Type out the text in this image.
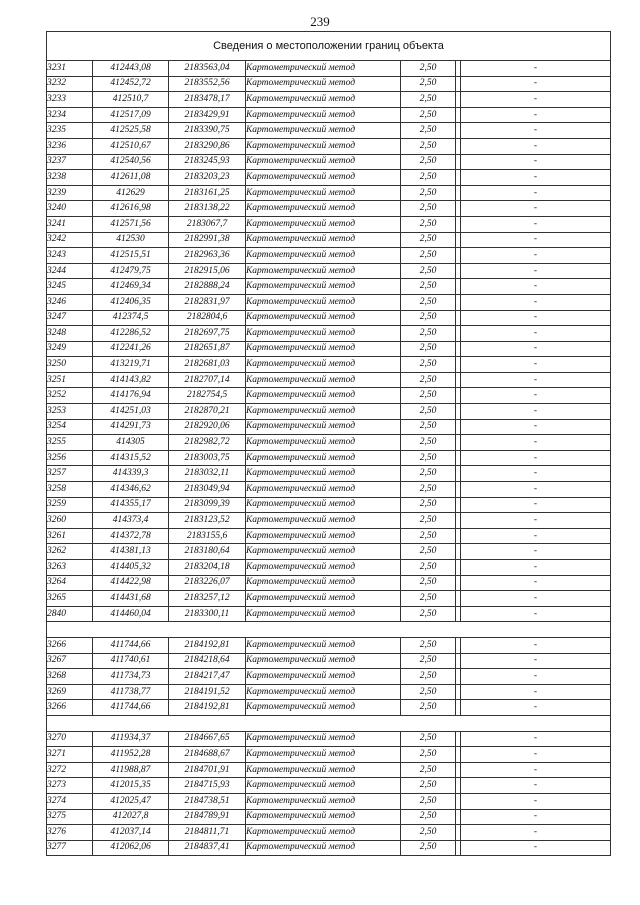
239
Сведения о местоположении границ объекта						
3231	412443,08	2183563,04	Картометрический метод	2,50		-
3232	412452,72	2183552,56	Картометрический метод	2,50		-
3233	412510,7	2183478,17	Картометрический метод	2,50		-
3234	412517,09	2183429,91	Картометрический метод	2,50		-
3235	412525,58	2183390,75	Картометрический метод	2,50		-
3236	412510,67	2183290,86	Картометрический метод	2,50		-
3237	412540,56	2183245,93	Картометрический метод	2,50		-
3238	412611,08	2183203,23	Картометрический метод	2,50		-
3239	412629	2183161,25	Картометрический метод	2,50		-
3240	412616,98	2183138,22	Картометрический метод	2,50		-
3241	412571,56	2183067,7	Картометрический метод	2,50		-
3242	412530	2182991,38	Картометрический метод	2,50		-
3243	412515,51	2182963,36	Картометрический метод	2,50		-
3244	412479,75	2182915,06	Картометрический метод	2,50		-
3245	412469,34	2182888,24	Картометрический метод	2,50		-
3246	412406,35	2182831,97	Картометрический метод	2,50		-
3247	412374,5	2182804,6	Картометрический метод	2,50		-
3248	412286,52	2182697,75	Картометрический метод	2,50		-
3249	412241,26	2182651,87	Картометрический метод	2,50		-
3250	413219,71	2182681,03	Картометрический метод	2,50		-
3251	414143,82	2182707,14	Картометрический метод	2,50		-
3252	414176,94	2182754,5	Картометрический метод	2,50		-
3253	414251,03	2182870,21	Картометрический метод	2,50		-
3254	414291,73	2182920,06	Картометрический метод	2,50		-
3255	414305	2182982,72	Картометрический метод	2,50		-
3256	414315,52	2183003,75	Картометрический метод	2,50		-
3257	414339,3	2183032,11	Картометрический метод	2,50		-
3258	414346,62	2183049,94	Картометрический метод	2,50		-
3259	414355,17	2183099,39	Картометрический метод	2,50		-
3260	414373,4	2183123,52	Картометрический метод	2,50		-
3261	414372,78	2183155,6	Картометрический метод	2,50		-
3262	414381,13	2183180,64	Картометрический метод	2,50		-
3263	414405,32	2183204,18	Картометрический метод	2,50		-
3264	414422,98	2183226,07	Картометрический метод	2,50		-
3265	414431,68	2183257,12	Картометрический метод	2,50		-
2840	414460,04	2183300,11	Картометрический метод	2,50		-

3266	411744,66	2184192,81	Картометрический метод	2,50		-
3267	411740,61	2184218,64	Картометрический метод	2,50		-
3268	411734,73	2184217,47	Картометрический метод	2,50		-
3269	411738,77	2184191,52	Картометрический метод	2,50		-
3266	411744,66	2184192,81	Картометрический метод	2,50		-

3270	411934,37	2184667,65	Картометрический метод	2,50		-
3271	411952,28	2184688,67	Картометрический метод	2,50		-
3272	411988,87	2184701,91	Картометрический метод	2,50		-
3273	412015,35	2184715,93	Картометрический метод	2,50		-
3274	412025,47	2184738,51	Картометрический метод	2,50		-
3275	412027,8	2184789,91	Картометрический метод	2,50		-
3276	412037,14	2184811,71	Картометрический метод	2,50		-
3277	412062,06	2184837,41	Картометрический метод	2,50		-
